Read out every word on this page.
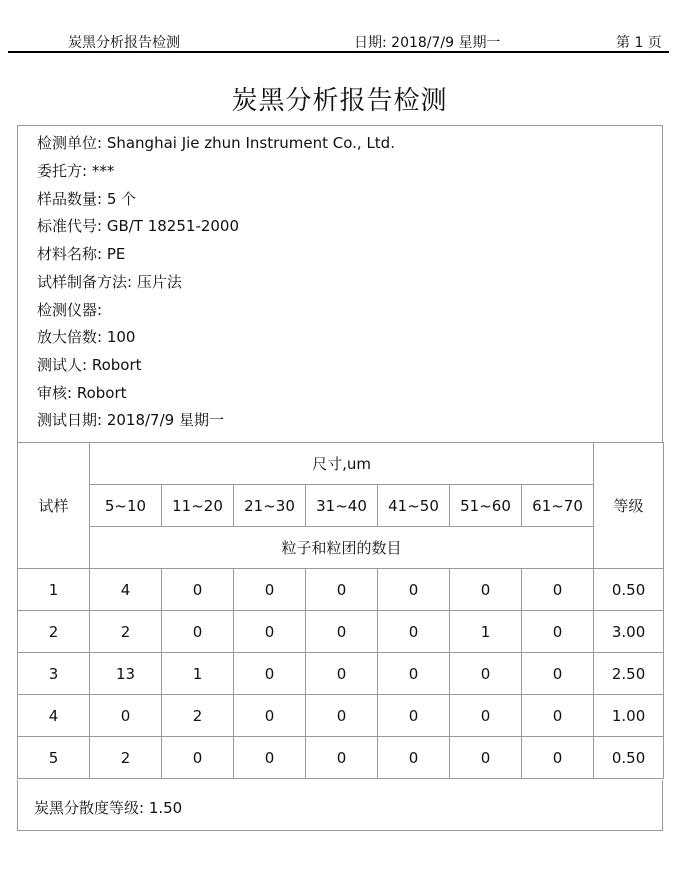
炭黑分析报告检测	日期: 2018/7/9 星期一	第 1 页
炭黑分析报告检测
检测单位: Shanghai Jie zhun Instrument Co., Ltd.
委托方: ***
样品数量: 5 个
标准代号: GB/T 18251-2000
材料名称: PE
试样制备方法: 压片法
检测仪器:
放大倍数: 100
测试人: Robort
审核: Robort
测试日期: 2018/7/9 星期一
试样	尺寸,um							等级
	5~10	11~20	21~30	31~40	41~50	51~60	61~70	
	粒子和粒团的数目							
1	4	0	0	0	0	0	0	0.50
2	2	0	0	0	0	1	0	3.00
3	13	1	0	0	0	0	0	2.50
4	0	2	0	0	0	0	0	1.00
5	2	0	0	0	0	0	0	0.50
炭黑分散度等级: 1.50
